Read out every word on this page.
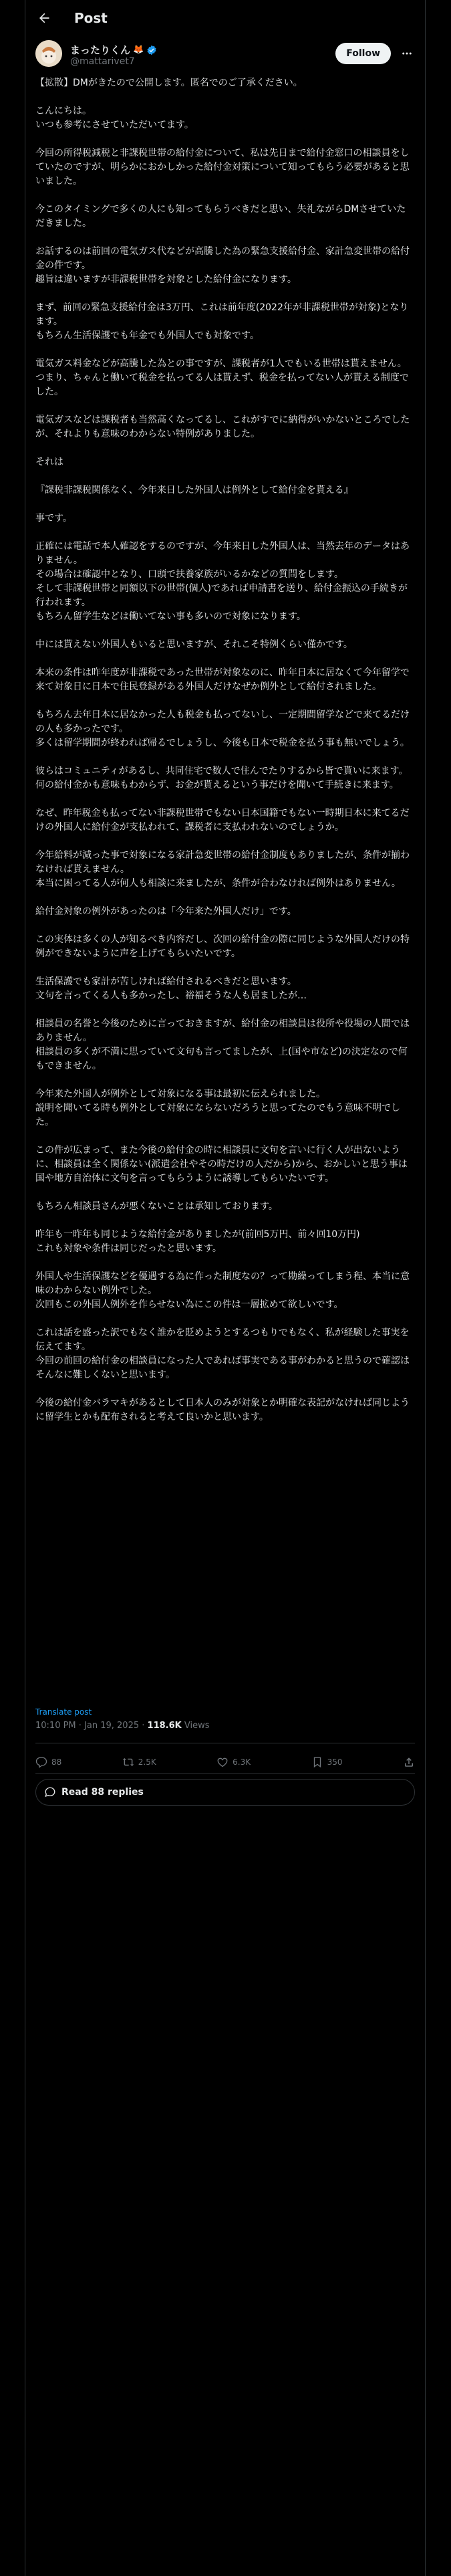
Post
まったりくん 🦊
@mattarivet7
Follow

【拡散】DMがきたので公開します。匿名でのご了承ください。

こんにちは。
いつも参考にさせていただいてます。

今回の所得税減税と非課税世帯の給付金について、私は先日まで給付金窓口の相談員をしていたのですが、明らかにおかしかった給付金対策について知ってもらう必要があると思いました。

今このタイミングで多くの人にも知ってもらうべきだと思い、失礼ながらDMさせていただきました。

お話するのは前回の電気ガス代などが高騰した為の緊急支援給付金、家計急変世帯の給付金の件です。
趣旨は違いますが非課税世帯を対象とした給付金になります。

まず、前回の緊急支援給付金は3万円、これは前年度(2022年が非課税世帯が対象)となります。
もちろん生活保護でも年金でも外国人でも対象です。

電気ガス料金などが高騰した為との事ですが、課税者が1人でもいる世帯は貰えません。
つまり、ちゃんと働いて税金を払ってる人は貰えず、税金を払ってない人が貰える制度でした。

電気ガスなどは課税者も当然高くなってるし、これがすでに納得がいかないところでしたが、それよりも意味のわからない特例がありました。

それは

『課税非課税関係なく、今年来日した外国人は例外として給付金を貰える』

事です。

正確には電話で本人確認をするのですが、今年来日した外国人は、当然去年のデータはありません。
その場合は確認中となり、口頭で扶養家族がいるかなどの質問をします。
そして非課税世帯と同額以下の世帯(個人)であれば申請書を送り、給付金振込の手続きが行われます。
もちろん留学生などは働いてない事も多いので対象になります。

中には貰えない外国人もいると思いますが、それこそ特例くらい僅かです。

本来の条件は昨年度が非課税であった世帯が対象なのに、昨年日本に居なくて今年留学で来て対象日に日本で住民登録がある外国人だけなぜか例外として給付されました。

もちろん去年日本に居なかった人も税金も払ってないし、一定期間留学などで来てるだけの人も多かったです。
多くは留学期間が終われば帰るでしょうし、今後も日本で税金を払う事も無いでしょう。

彼らはコミュニティがあるし、共同住宅で数人で住んでたりするから皆で貰いに来ます。
何の給付金かも意味もわからず、お金が貰えるという事だけを聞いて手続きに来ます。

なぜ、昨年税金も払ってない非課税世帯でもない日本国籍でもない一時期日本に来てるだけの外国人に給付金が支払われて、課税者に支払われないのでしょうか。

今年給料が減った事で対象になる家計急変世帯の給付金制度もありましたが、条件が揃わなければ貰えません。
本当に困ってる人が何人も相談に来ましたが、条件が合わなければ例外はありません。

給付金対象の例外があったのは「今年来た外国人だけ」です。

この実体は多くの人が知るべき内容だし、次回の給付金の際に同じような外国人だけの特例ができないように声を上げてもらいたいです。

生活保護でも家計が苦しければ給付されるべきだと思います。
文句を言ってくる人も多かったし、裕福そうな人も居ましたが…

相談員の名誉と今後のために言っておきますが、給付金の相談員は役所や役場の人間ではありません。
相談員の多くが不満に思っていて文句も言ってましたが、上(国や市など)の決定なので何もできません。

今年来た外国人が例外として対象になる事は最初に伝えられました。
説明を聞いてる時も例外として対象にならないだろうと思ってたのでもう意味不明でした。

この件が広まって、また今後の給付金の時に相談員に文句を言いに行く人が出ないように、相談員は全く関係ない(派遣会社やその時だけの人だから)から、おかしいと思う事は国や地方自治体に文句を言ってもらうように誘導してもらいたいです。

もちろん相談員さんが悪くないことは承知しております。

昨年も一昨年も同じような給付金がありましたが(前回5万円、前々回10万円)
これも対象や条件は同じだったと思います。

外国人や生活保護などを優遇する為に作った制度なの？って勘繰ってしまう程、本当に意味のわからない例外でした。
次回もこの外国人例外を作らせない為にこの件は一層拡めて欲しいです。

これは話を盛った訳でもなく誰かを貶めようとするつもりでもなく、私が経験した事実を伝えてます。
今回の前回の給付金の相談員になった人であれば事実である事がわかると思うので確認はそんなに難しくないと思います。

今後の給付金バラマキがあるとして日本人のみが対象とか明確な表記がなければ同じように留学生とかも配布されると考えて良いかと思います。

Translate post
10:10 PM · Jan 19, 2025 · 118.6K Views
88	2.5K	6.3K	350
Read 88 replies
